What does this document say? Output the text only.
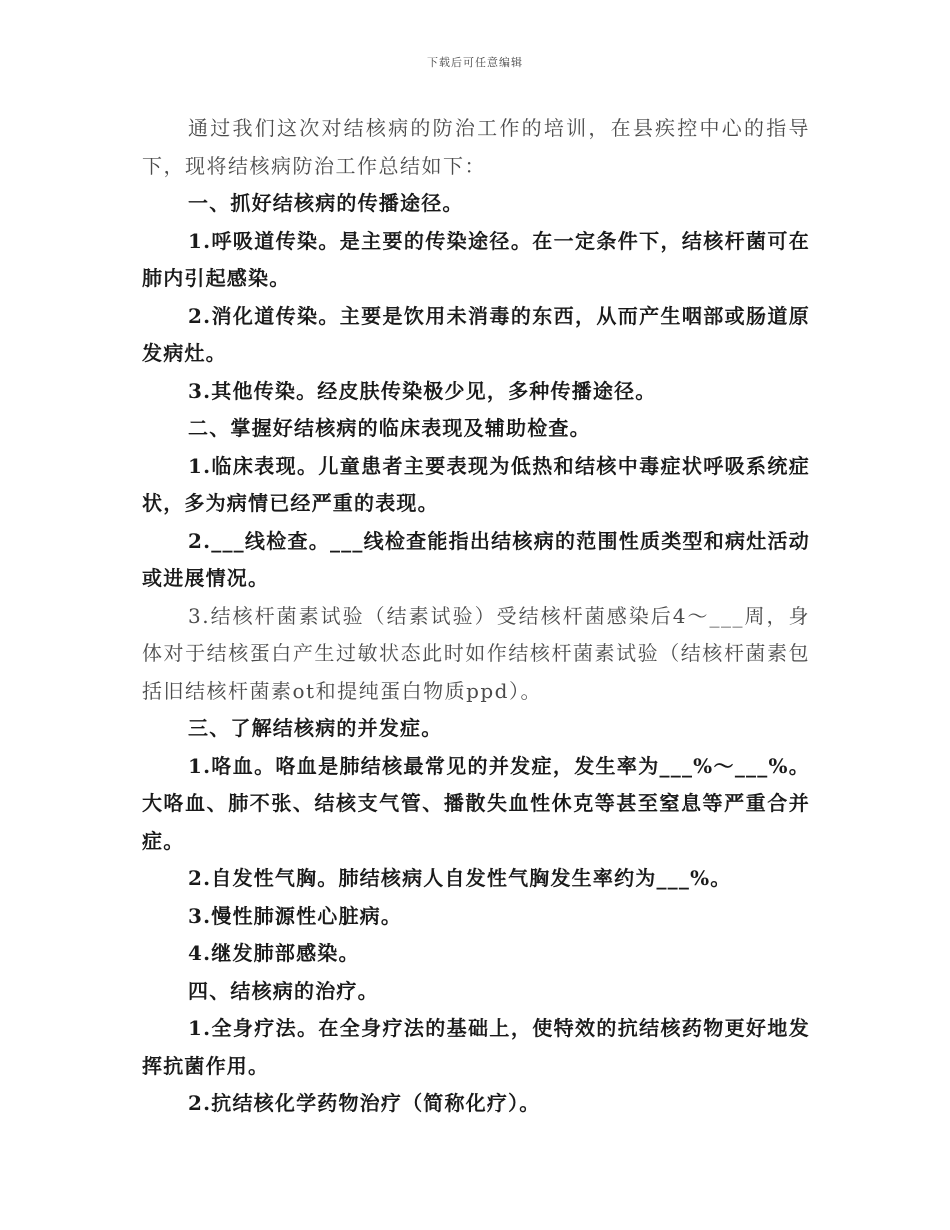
下载后可任意编辑

通过我们这次对结核病的防治工作的培训，在县疾控中心的指导下，现将结核病防治工作总结如下：

一、抓好结核病的传播途径。

1.呼吸道传染。是主要的传染途径。在一定条件下，结核杆菌可在肺内引起感染。

2.消化道传染。主要是饮用未消毒的东西，从而产生咽部或肠道原发病灶。

3.其他传染。经皮肤传染极少见，多种传播途径。

二、掌握好结核病的临床表现及辅助检查。

1.临床表现。儿童患者主要表现为低热和结核中毒症状呼吸系统症状，多为病情已经严重的表现。

2.___线检查。___线检查能指出结核病的范围性质类型和病灶活动或进展情况。

3.结核杆菌素试验（结素试验）受结核杆菌感染后4～___周，身体对于结核蛋白产生过敏状态此时如作结核杆菌素试验（结核杆菌素包括旧结核杆菌素ot和提纯蛋白物质ppd）。

三、了解结核病的并发症。

1.咯血。咯血是肺结核最常见的并发症，发生率为___%～___%。大咯血、肺不张、结核支气管、播散失血性休克等甚至窒息等严重合并症。

2.自发性气胸。肺结核病人自发性气胸发生率约为___%。

3.慢性肺源性心脏病。

4.继发肺部感染。

四、结核病的治疗。

1.全身疗法。在全身疗法的基础上，使特效的抗结核药物更好地发挥抗菌作用。

2.抗结核化学药物治疗（简称化疗）。
